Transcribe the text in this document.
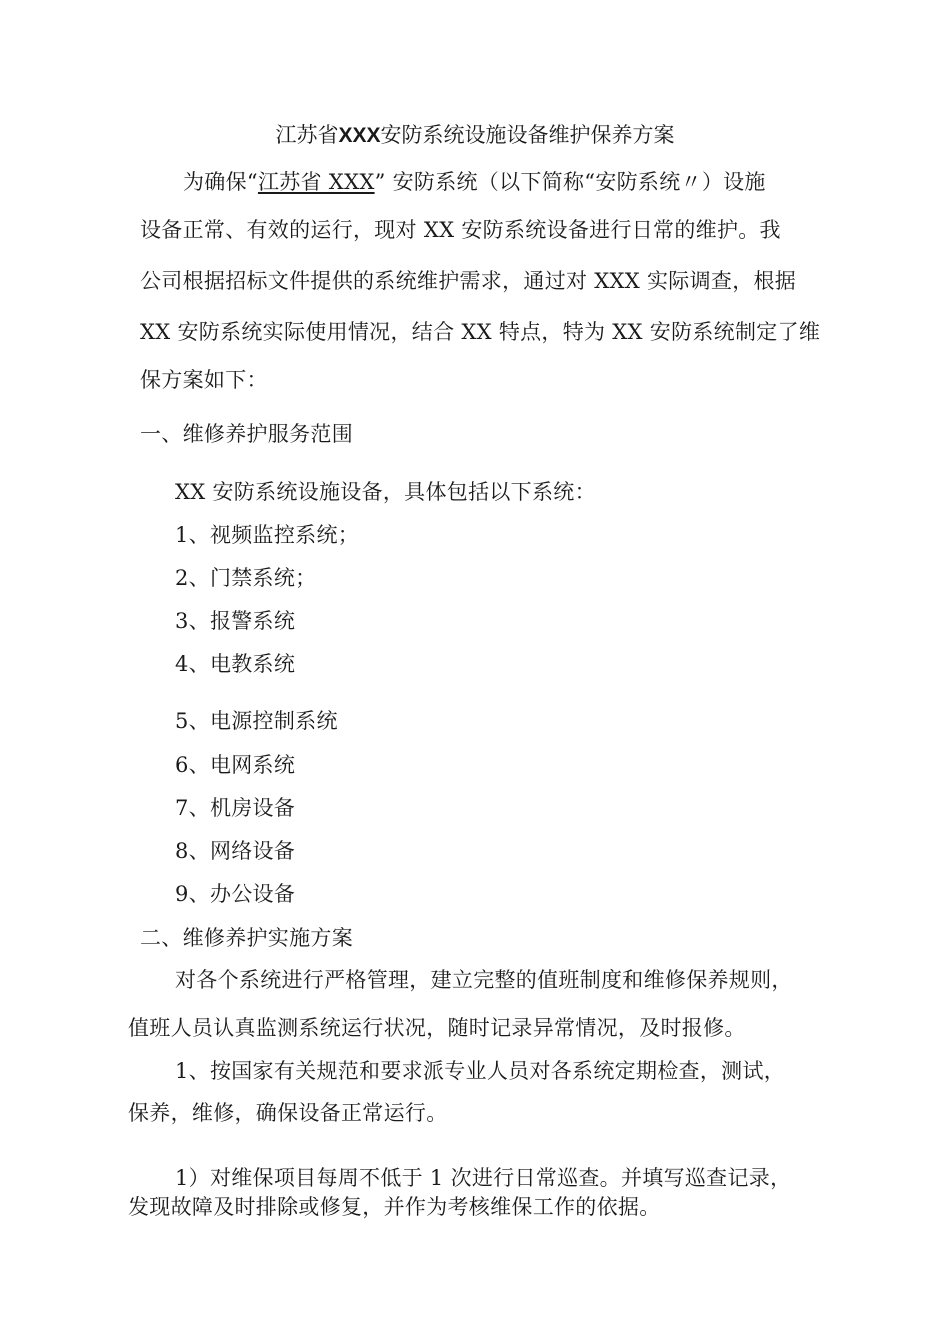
江苏省XXX安防系统设施设备维护保养方案
为确保“江苏省 XXX” 安防系统（以下简称“安防系统〃）设施
设备正常、有效的运行，现对 XX 安防系统设备进行日常的维护。我
公司根据招标文件提供的系统维护需求，通过对 XXX 实际调查，根据
XX 安防系统实际使用情况，结合 XX 特点，特为 XX 安防系统制定了维
保方案如下：
一、维修养护服务范围
XX 安防系统设施设备，具体包括以下系统：
1、视频监控系统；
2、门禁系统；
3、报警系统
4、电教系统
5、电源控制系统
6、电网系统
7、机房设备
8、网络设备
9、办公设备
二、维修养护实施方案
对各个系统进行严格管理，建立完整的值班制度和维修保养规则，
值班人员认真监测系统运行状况，随时记录异常情况，及时报修。
1、按国家有关规范和要求派专业人员对各系统定期检查，测试，
保养，维修，确保设备正常运行。
1）对维保项目每周不低于 1 次进行日常巡查。并填写巡查记录，
发现故障及时排除或修复，并作为考核维保工作的依据。
